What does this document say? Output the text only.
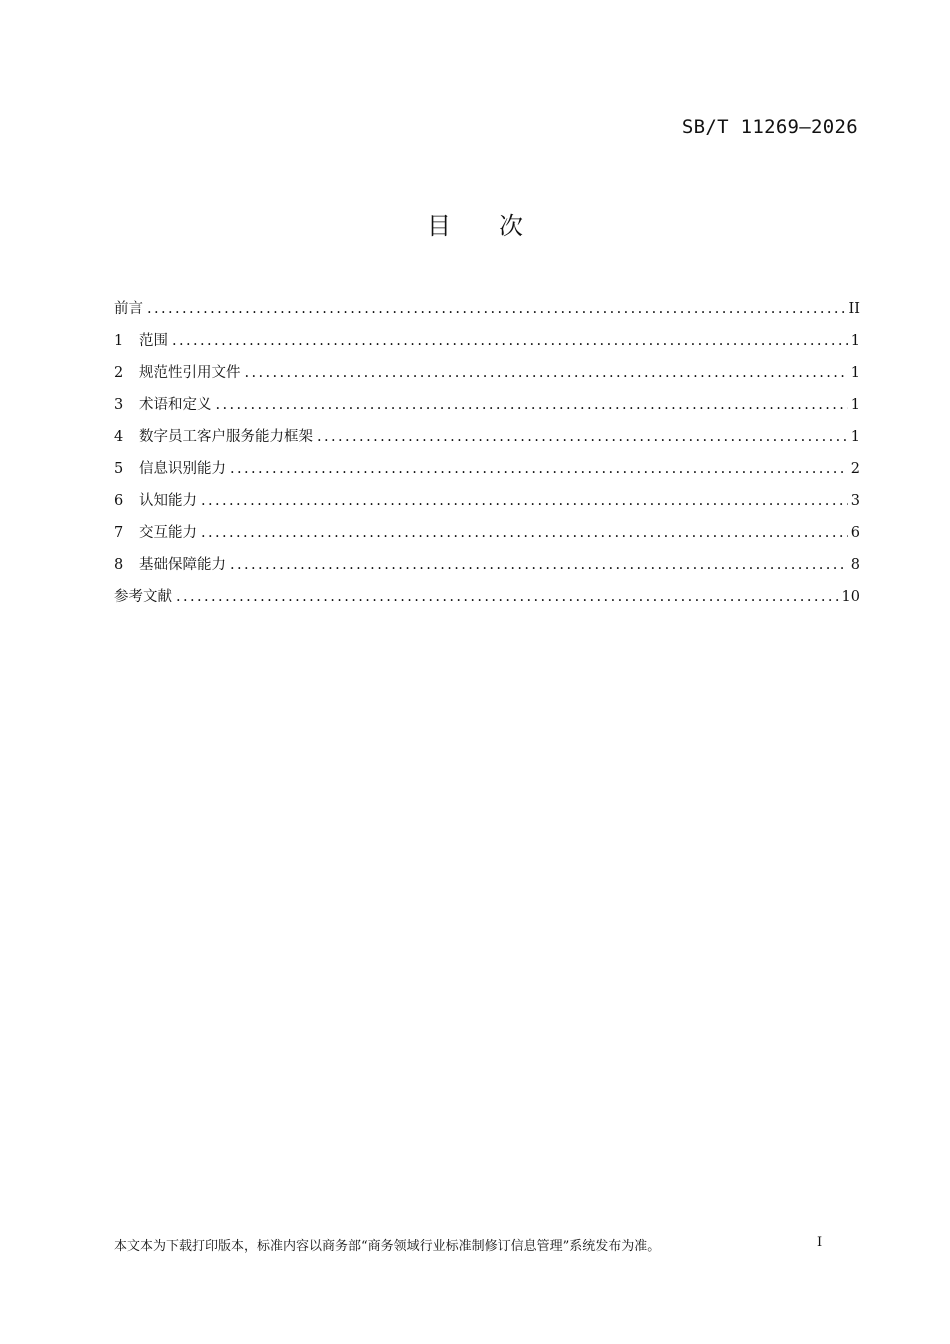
SB/T 11269—2026
目 次
前言 .....	II
1	范围 .....	1
2	规范性引用文件 .....	1
3	术语和定义 .....	1
4	数字员工客户服务能力框架 .....	1
5	信息识别能力 .....	2
6	认知能力 .....	3
7	交互能力 .....	6
8	基础保障能力 .....	8
参考文献 .....	10
本文本为下载打印版本，标准内容以商务部“商务领域行业标准制修订信息管理”系统发布为准。	I
